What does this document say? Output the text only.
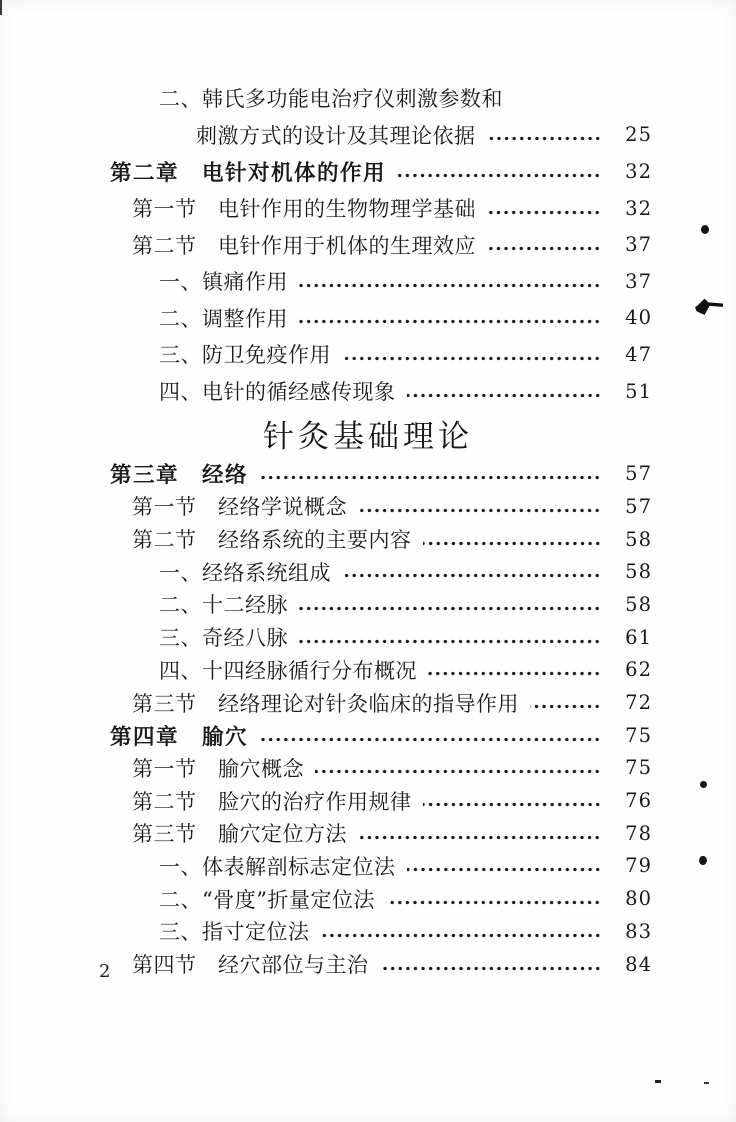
二、韩氏多功能电治疗仪刺激参数和
刺激方式的设计及其理论依据	25
第二章　电针对机体的作用	32
第一节　电针作用的生物物理学基础	32
第二节　电针作用于机体的生理效应	37
一、镇痛作用	37
二、调整作用	40
三、防卫免疫作用	47
四、电针的循经感传现象	51
针灸基础理论
第三章　经络	57
第一节　经络学说概念	57
第二节　经络系统的主要内容	58
一、经络系统组成	58
二、十二经脉	58
三、奇经八脉	61
四、十四经脉循行分布概况	62
第三节　经络理论对针灸临床的指导作用	72
第四章　腧穴	75
第一节　腧穴概念	75
第二节　脸穴的治疗作用规律	76
第三节　腧穴定位方法	78
一、体表解剖标志定位法	79
二、“骨度”折量定位法	80
三、指寸定位法	83
第四节　经穴部位与主治	84
2
